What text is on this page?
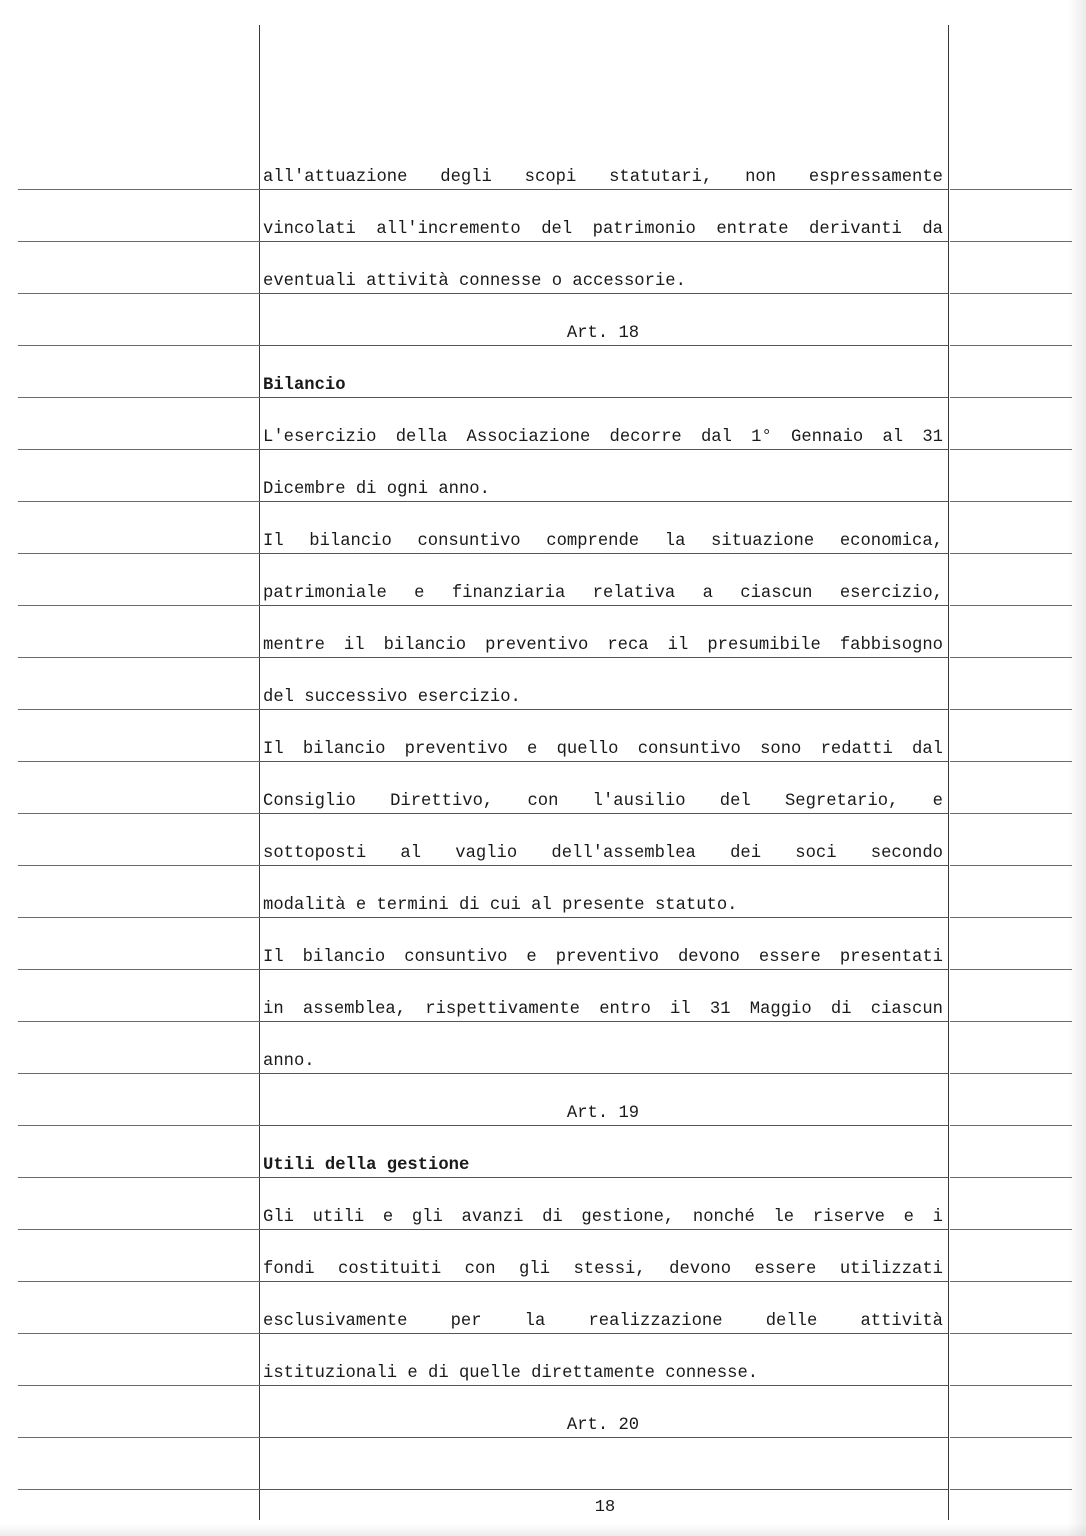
all'attuazione degli scopi statutari, non espressamente
vincolati all'incremento del patrimonio entrate derivanti da
eventuali attività connesse o accessorie.
Art. 18
Bilancio
L'esercizio della Associazione decorre dal 1° Gennaio al 31
Dicembre di ogni anno.
Il bilancio consuntivo comprende la situazione economica,
patrimoniale e finanziaria relativa a ciascun esercizio,
mentre il bilancio preventivo reca il presumibile fabbisogno
del successivo esercizio.
Il bilancio preventivo e quello consuntivo sono redatti dal
Consiglio Direttivo, con l'ausilio del Segretario, e
sottoposti al vaglio dell'assemblea dei soci secondo
modalità e termini di cui al presente statuto.
Il bilancio consuntivo e preventivo devono essere presentati
in assemblea, rispettivamente entro il 31 Maggio di ciascun
anno.
Art. 19
Utili della gestione
Gli utili e gli avanzi di gestione, nonché le riserve e i
fondi costituiti con gli stessi, devono essere utilizzati
esclusivamente per la realizzazione delle attività
istituzionali e di quelle direttamente connesse.
Art. 20
18
